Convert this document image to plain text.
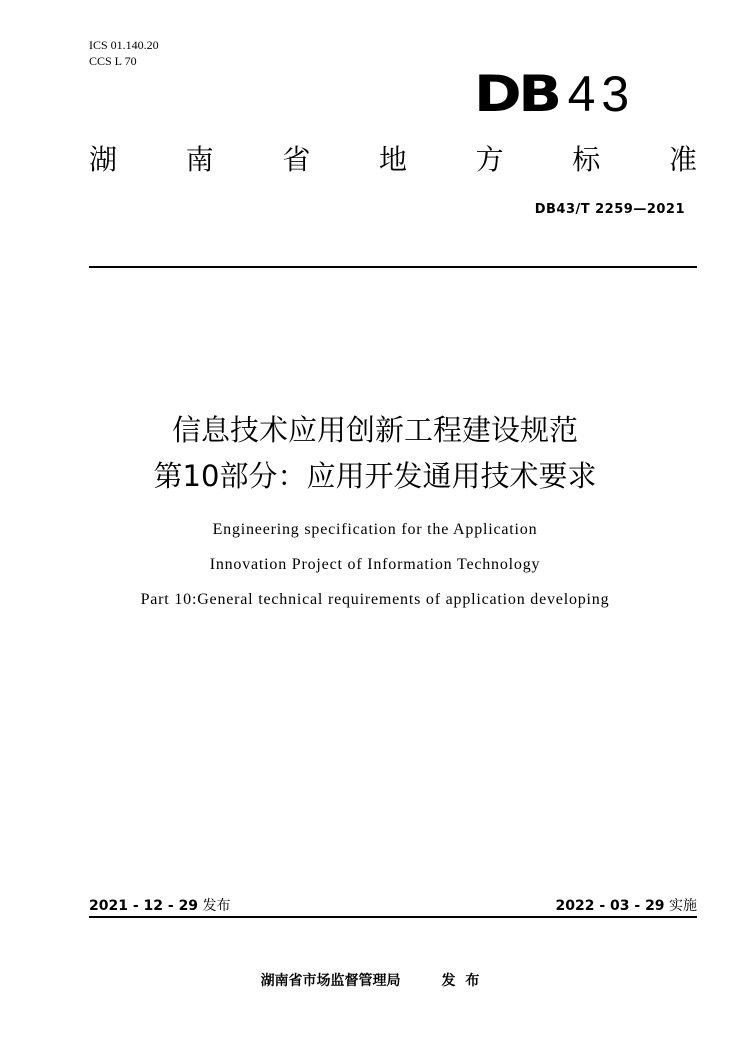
ICS 01.140.20
CCS L 70
DB 43
湖 南 省 地 方 标 准
DB43/T 2259—2021
信息技术应用创新工程建设规范
第10部分：应用开发通用技术要求
Engineering specification for the Application
Innovation Project of Information Technology
Part 10:General technical requirements of application developing
2021 - 12 - 29 发布	2022 - 03 - 29 实施
湖南省市场监督管理局	发布
